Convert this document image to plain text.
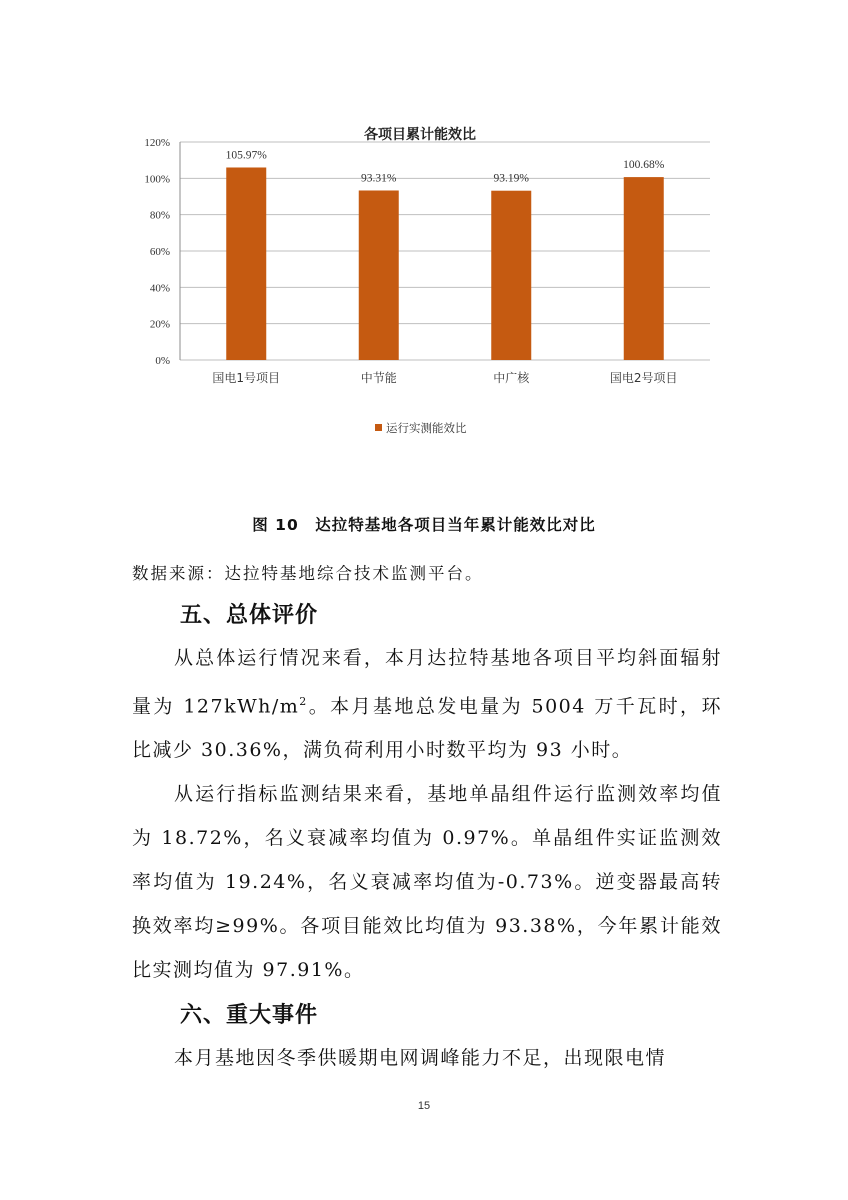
各项目累计能效比
0%
20%
40%
60%
80%
100%
120%
105.97%
国电1号项目
93.31%
中节能
93.19%
中广核
100.68%
国电2号项目
运行实测能效比
图 10　达拉特基地各项目当年累计能效比对比
数据来源：达拉特基地综合技术监测平台。
五、总体评价

从总体运行情况来看，本月达拉特基地各项目平均斜面辐射量为 $127kWh/m^2$。本月基地总发电量为 5004 万千瓦时，环比减少 30.36%，满负荷利用小时数平均为 93 小时。

从运行指标监测结果来看，基地单晶组件运行监测效率均值为 18.72%，名义衰减率均值为 0.97%。单晶组件实证监测效率均值为 19.24%，名义衰减率均值为-0.73%。逆变器最高转换效率均≥99%。各项目能效比均值为 93.38%，今年累计能效比实测均值为 97.91%。

六、重大事件

本月基地因冬季供暖期电网调峰能力不足，出现限电情

15
